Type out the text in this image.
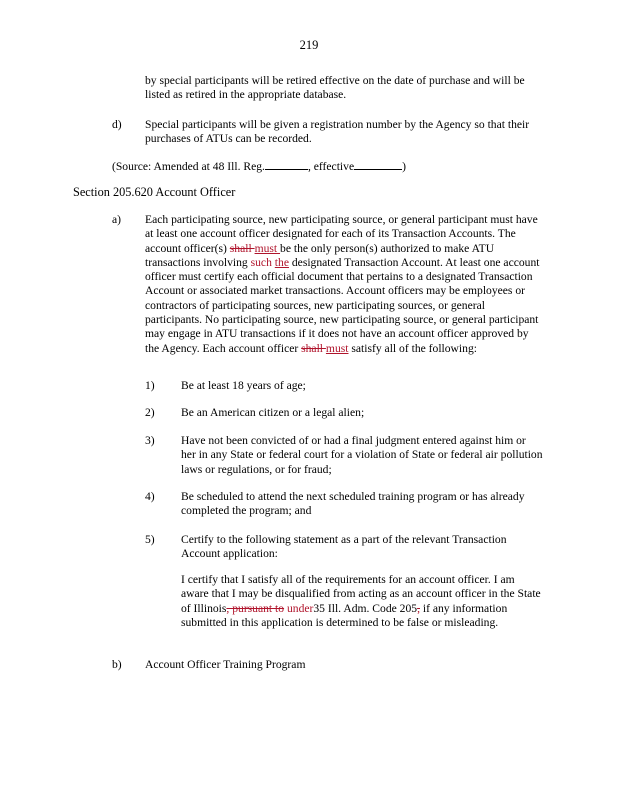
219
by special participants will be retired effective on the date of purchase and will be listed as retired in the appropriate database.
d) Special participants will be given a registration number by the Agency so that their purchases of ATUs can be recorded.
(Source: Amended at 48 Ill. Reg.	, effective	)
Section 205.620 Account Officer
a) Each participating source, new participating source, or general participant must have at least one account officer designated for each of its Transaction Accounts. The account officer(s) shall must be the only person(s) authorized to make ATU transactions involving such the designated Transaction Account. At least one account officer must certify each official document that pertains to a designated Transaction Account or associated market transactions. Account officers may be employees or contractors of participating sources, new participating sources, or general participants. No participating source, new participating source, or general participant may engage in ATU transactions if it does not have an account officer approved by the Agency. Each account officer shall must satisfy all of the following:
1) Be at least 18 years of age;
2) Be an American citizen or a legal alien;
3) Have not been convicted of or had a final judgment entered against him or her in any State or federal court for a violation of State or federal air pollution laws or regulations, or for fraud;
4) Be scheduled to attend the next scheduled training program or has already completed the program; and
5) Certify to the following statement as a part of the relevant Transaction Account application:
I certify that I satisfy all of the requirements for an account officer. I am aware that I may be disqualified from acting as an account officer in the State of Illinois, pursuant to under35 Ill. Adm. Code 205, if any information submitted in this application is determined to be false or misleading.
b) Account Officer Training Program
